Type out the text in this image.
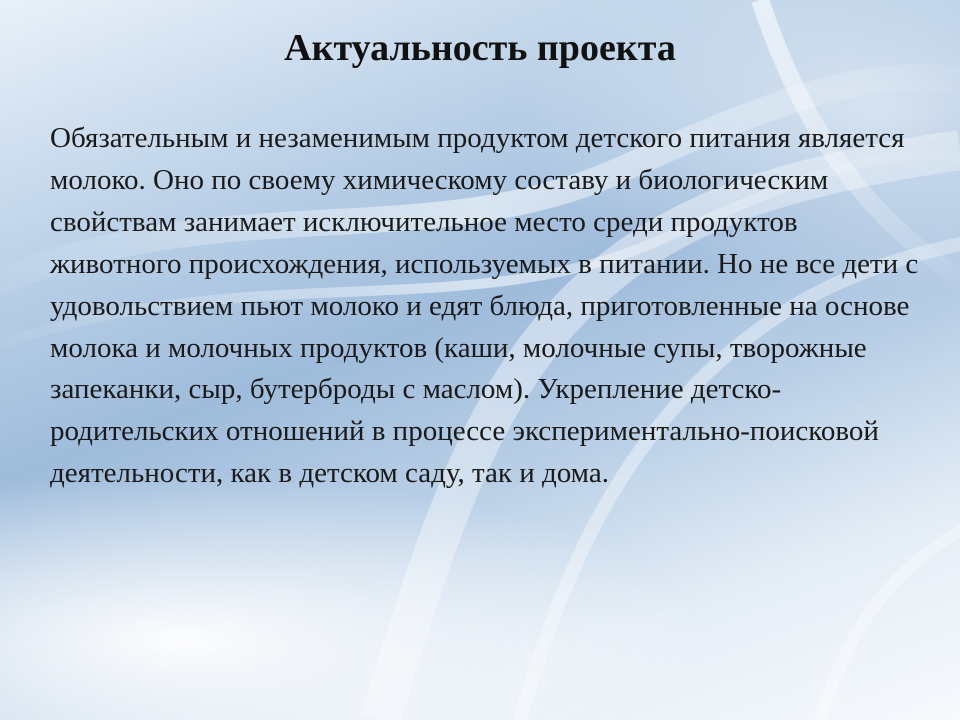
Актуальность проекта

Обязательным и незаменимым продуктом детского питания является молоко. Оно по своему химическому составу и биологическим свойствам занимает исключительное место среди продуктов животного происхождения, используемых в питании. Но не все дети с удовольствием пьют молоко и едят блюда, приготовленные на основе молока и молочных продуктов (каши, молочные супы, творожные запеканки, сыр, бутерброды с маслом). Укрепление детско-родительских отношений в процессе экспериментально-поисковой деятельности, как в детском саду, так и дома.
